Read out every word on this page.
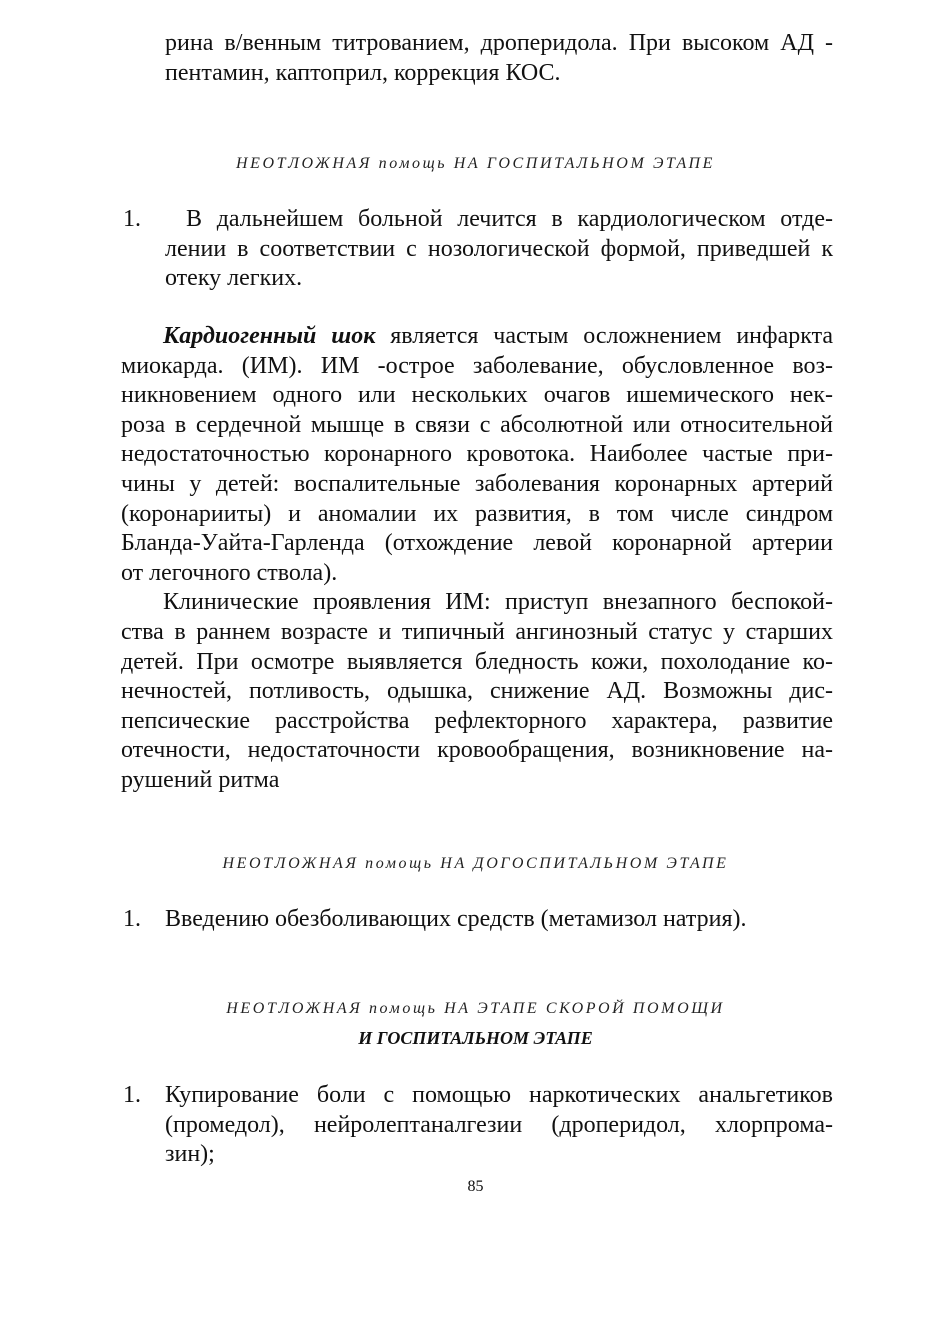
рина в/венным титрованием, дроперидола. При высоком АД -
пентамин, каптоприл, коррекция КОС.
НЕОТЛОЖНАЯ помощь НА ГОСПИТАЛЬНОМ ЭТАПЕ
1.	В дальнейшем больной лечится в кардиологическом отде-
лении в соответствии с нозологической формой, приведшей к
отеку легких.
Кардиогенный шок является частым осложнением инфаркта
миокарда. (ИМ). ИМ -острое заболевание, обусловленное воз-
никновением одного или нескольких очагов ишемического нек-
роза в сердечной мышце в связи с абсолютной или относительной
недостаточностью коронарного кровотока. Наиболее частые при-
чины у детей: воспалительные заболевания коронарных артерий
(коронарииты) и аномалии их развития, в том числе синдром
Бланда-Уайта-Гарленда (отхождение левой коронарной артерии
от легочного ствола).
Клинические проявления ИМ: приступ внезапного беспокой-
ства в раннем возрасте и типичный ангинозный статус у старших
детей. При осмотре выявляется бледность кожи, похолодание ко-
нечностей, потливость, одышка, снижение АД. Возможны дис-
пепсические расстройства рефлекторного характера, развитие
отечности, недостаточности кровообращения, возникновение на-
рушений ритма
НЕОТЛОЖНАЯ помощь НА ДОГОСПИТАЛЬНОМ ЭТАПЕ
1. Введению обезболивающих средств (метамизол натрия).
НЕОТЛОЖНАЯ помощь НА ЭТАПЕ СКОРОЙ ПОМОЩИ
И ГОСПИТАЛЬНОМ ЭТАПЕ
1. Купирование боли с помощью наркотических анальгетиков
(промедол), нейролептаналгезии (дроперидол, хлорпрома-
зин);
85
